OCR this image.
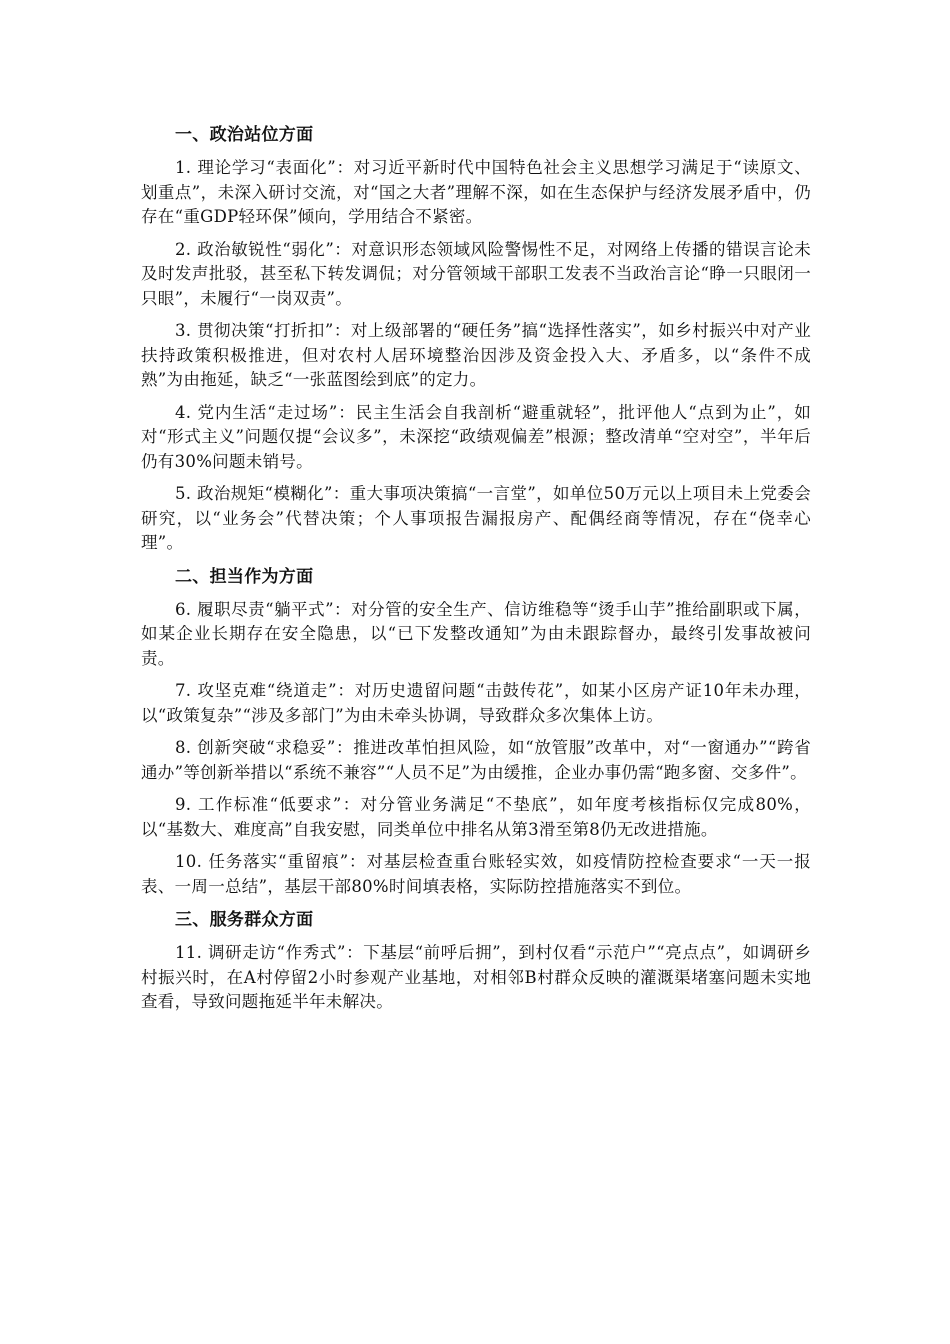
一、政治站位方面

1. 理论学习“表面化”：对习近平新时代中国特色社会主义思想学习满足于“读原文、划重点”，未深入研讨交流，对“国之大者”理解不深，如在生态保护与经济发展矛盾中，仍存在“重GDP轻环保”倾向，学用结合不紧密。

2. 政治敏锐性“弱化”：对意识形态领域风险警惕性不足，对网络上传播的错误言论未及时发声批驳，甚至私下转发调侃；对分管领域干部职工发表不当政治言论“睁一只眼闭一只眼”，未履行“一岗双责”。

3. 贯彻决策“打折扣”：对上级部署的“硬任务”搞“选择性落实”，如乡村振兴中对产业扶持政策积极推进，但对农村人居环境整治因涉及资金投入大、矛盾多，以“条件不成熟”为由拖延，缺乏“一张蓝图绘到底”的定力。

4. 党内生活“走过场”：民主生活会自我剖析“避重就轻”，批评他人“点到为止”，如对“形式主义”问题仅提“会议多”，未深挖“政绩观偏差”根源；整改清单“空对空”，半年后仍有30%问题未销号。

5. 政治规矩“模糊化”：重大事项决策搞“一言堂”，如单位50万元以上项目未上党委会研究，以“业务会”代替决策；个人事项报告漏报房产、配偶经商等情况，存在“侥幸心理”。

二、担当作为方面

6. 履职尽责“躺平式”：对分管的安全生产、信访维稳等“烫手山芋”推给副职或下属，如某企业长期存在安全隐患，以“已下发整改通知”为由未跟踪督办，最终引发事故被问责。

7. 攻坚克难“绕道走”：对历史遗留问题“击鼓传花”，如某小区房产证10年未办理，以“政策复杂”“涉及多部门”为由未牵头协调，导致群众多次集体上访。

8. 创新突破“求稳妥”：推进改革怕担风险，如“放管服”改革中，对“一窗通办”“跨省通办”等创新举措以“系统不兼容”“人员不足”为由缓推，企业办事仍需“跑多窗、交多件”。

9. 工作标准“低要求”：对分管业务满足“不垫底”，如年度考核指标仅完成80%，以“基数大、难度高”自我安慰，同类单位中排名从第3滑至第8仍无改进措施。

10. 任务落实“重留痕”：对基层检查重台账轻实效，如疫情防控检查要求“一天一报表、一周一总结”，基层干部80%时间填表格，实际防控措施落实不到位。

三、服务群众方面

11. 调研走访“作秀式”：下基层“前呼后拥”，到村仅看“示范户”“亮点点”，如调研乡村振兴时，在A村停留2小时参观产业基地，对相邻B村群众反映的灌溉渠堵塞问题未实地查看，导致问题拖延半年未解决。
